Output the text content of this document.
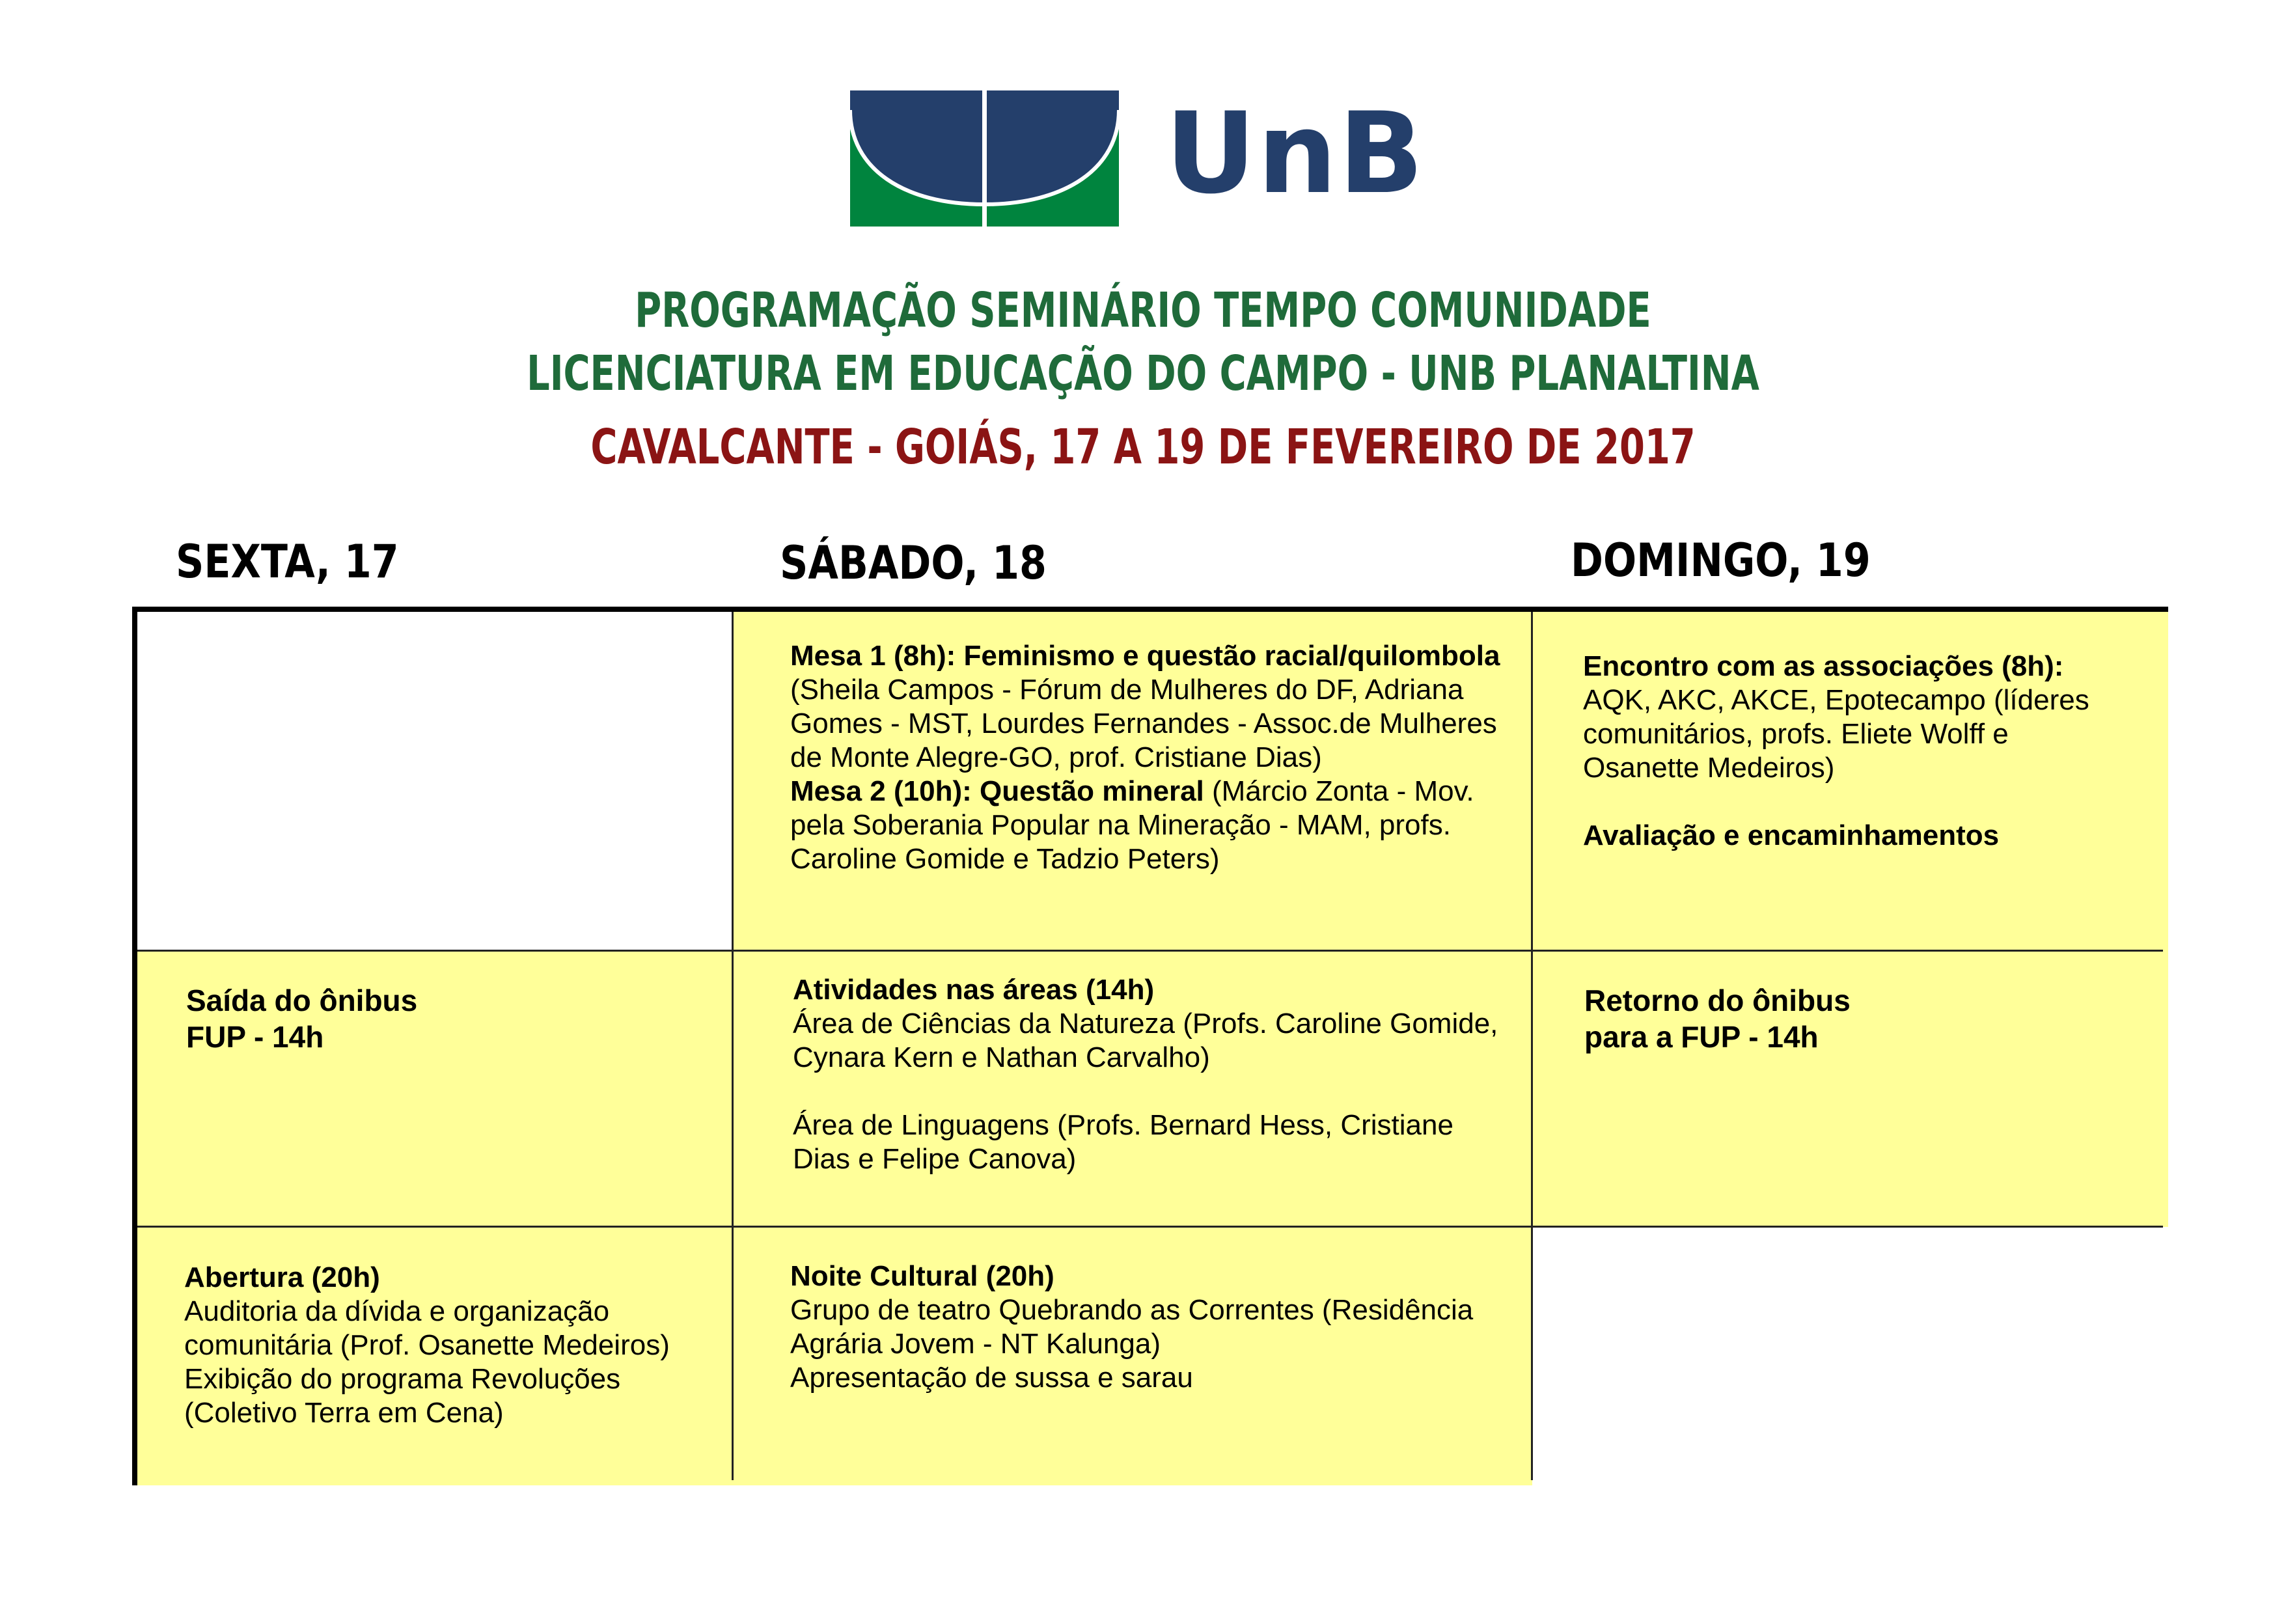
UnB
PROGRAMAÇÃO SEMINÁRIO TEMPO COMUNIDADE
LICENCIATURA EM EDUCAÇÃO DO CAMPO - UNB PLANALTINA
CAVALCANTE - GOIÁS, 17 A 19 DE FEVEREIRO DE 2017
SEXTA, 17	SÁBADO, 18	DOMINGO, 19
Mesa 1 (8h): Feminismo e questão racial/quilombola (Sheila Campos - Fórum de Mulheres do DF, Adriana Gomes - MST, Lourdes Fernandes - Assoc.de Mulheres de Monte Alegre-GO, prof. Cristiane Dias)
Mesa 2 (10h): Questão mineral (Márcio Zonta - Mov. pela Soberania Popular na Mineração - MAM, profs. Caroline Gomide e Tadzio Peters)
Encontro com as associações (8h):
AQK, AKC, AKCE, Epotecampo (líderes comunitários, profs. Eliete Wolff e Osanette Medeiros)
Avaliação e encaminhamentos
Saída do ônibus
FUP - 14h
Atividades nas áreas (14h)
Área de Ciências da Natureza (Profs. Caroline Gomide, Cynara Kern e Nathan Carvalho)
Área de Linguagens (Profs. Bernard Hess, Cristiane Dias e Felipe Canova)
Retorno do ônibus
para a FUP - 14h
Abertura (20h)
Auditoria da dívida e organização comunitária (Prof. Osanette Medeiros)
Exibição do programa Revoluções (Coletivo Terra em Cena)
Noite Cultural (20h)
Grupo de teatro Quebrando as Correntes (Residência Agrária Jovem - NT Kalunga)
Apresentação de sussa e sarau
